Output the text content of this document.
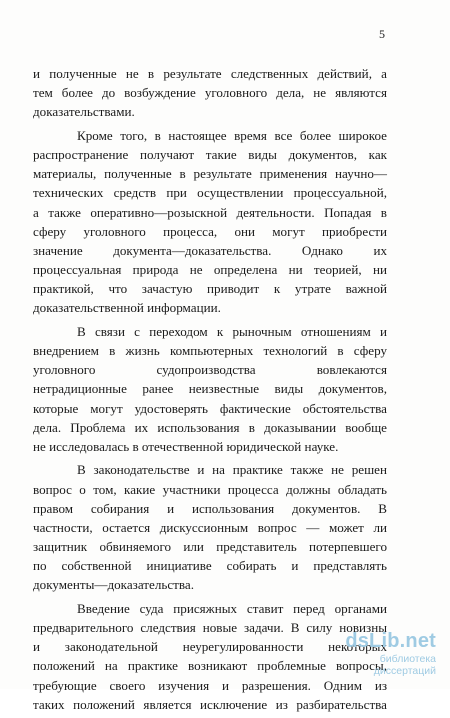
5
и полученные не в результате следственных действий, а
тем более до возбуждение уголовного дела, не являются
доказательствами.
Кроме того, в настоящее время все более широкое
распространение получают такие виды документов, как
материалы, полученные в результате применения научно—
технических средств при осуществлении процессуальной,
а также оперативно—розыскной деятельности. Попадая в
сферу уголовного процесса, они могут приобрести
значение документа—доказательства. Однако их
процессуальная природа не определена ни теорией, ни
практикой, что зачастую приводит к утрате важной
доказательственной информации.
В связи с переходом к рыночным отношениям и
внедрением в жизнь компьютерных технологий в сферу
уголовного судопроизводства вовлекаются
нетрадиционные ранее неизвестные виды документов,
которые могут удостоверять фактические обстоятельства
дела. Проблема их использования в доказывании вообще
не исследовалась в отечественной юридической науке.
В законодательстве и на практике также не решен
вопрос о том, какие участники процесса должны обладать
правом собирания и использования документов. В
частности, остается дискуссионным вопрос — может ли
защитник обвиняемого или представитель потерпевшего
по собственной инициативе собирать и представлять
документы—доказательства.
Введение суда присяжных ставит перед органами
предварительного следствия новые задачи. В силу новизны
и законодательной неурегулированности некоторых
положений на практике возникают проблемные вопросы,
требующие своего изучения и разрешения. Одним из
таких положений является исключение из разбирательства
dsLib.net
библиотека диссертаций
